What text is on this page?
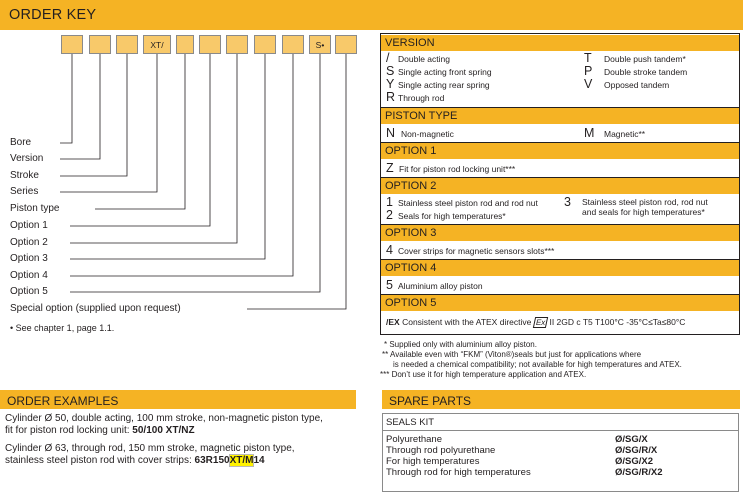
ORDER KEY
XT/	S•
Bore
Version
Stroke
Series
Piston type
Option 1
Option 2
Option 3
Option 4
Option 5
Special option (supplied upon request)
• See chapter 1, page 1.1.
VERSION
/ Double acting
S Single acting front spring
Y Single acting rear spring
R Through rod
T Double push tandem*
P Double stroke tandem
V Opposed tandem
PISTON TYPE
N Non-magnetic	M Magnetic**
OPTION 1
Z Fit for piston rod locking unit***
OPTION 2
1 Stainless steel piston rod and rod nut
2 Seals for high temperatures*
3 Stainless steel piston rod, rod nut
and seals for high temperatures*
OPTION 3
4 Cover strips for magnetic sensors slots***
OPTION 4
5 Aluminium alloy piston
OPTION 5
/EX Consistent with the ATEX directive Ex II 2GD c T5 T100°C -35°C≤Ta≤80°C
* Supplied only with aluminium alloy piston.
** Available even with “FKM” (Viton®)seals but just for applications where
is needed a chemical compatibility; not available for high temperatures and ATEX.
*** Don’t use it for high temperature application and ATEX.
ORDER EXAMPLES
Cylinder Ø 50, double acting, 100 mm stroke, non-magnetic piston type,
fit for piston rod locking unit: 50/100 XT/NZ
Cylinder Ø 63, through rod, 150 mm stroke, magnetic piston type,
stainless steel piston rod with cover strips: 63R150XT/M14
SPARE PARTS
SEALS KIT
Polyurethane	Ø/SG/X
Through rod polyurethane	Ø/SG/R/X
For high temperatures	Ø/SG/X2
Through rod for high temperatures	Ø/SG/R/X2
